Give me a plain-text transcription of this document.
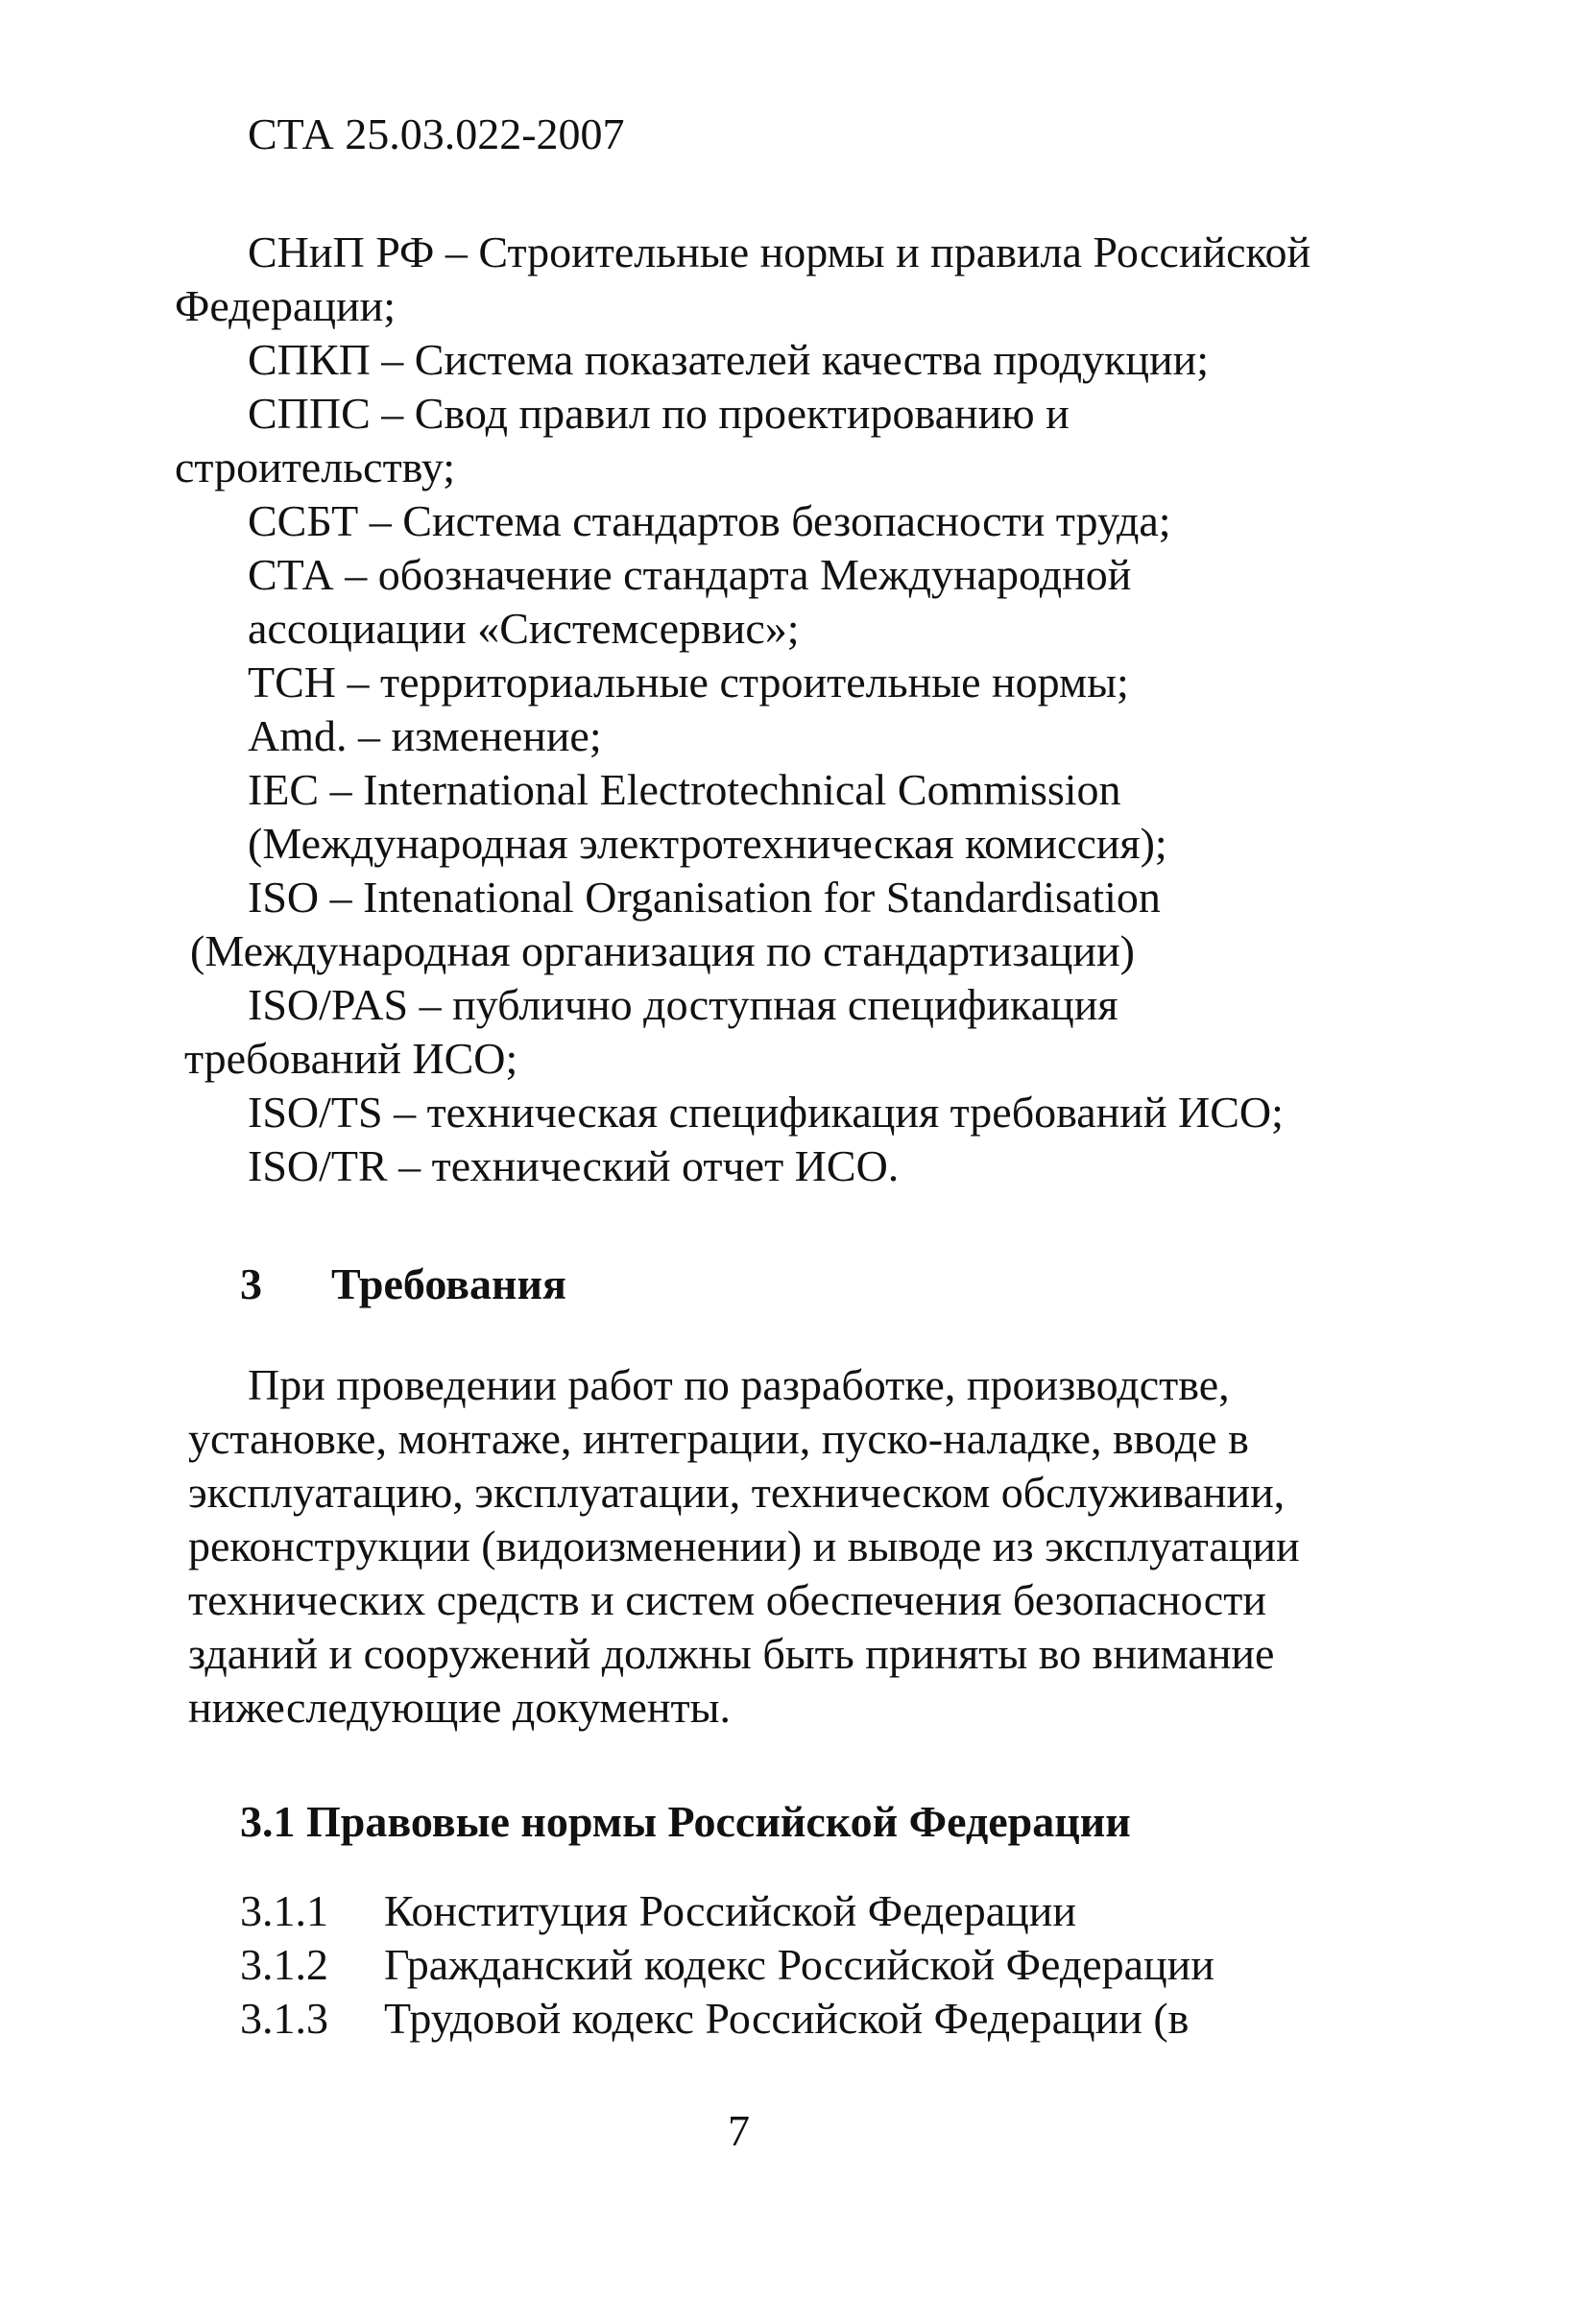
СТА 25.03.022-2007
СНиП РФ – Строительные нормы и правила Российской
Федерации;
СПКП – Система показателей качества продукции;
СППС – Свод правил по проектированию и
строительству;
ССБТ – Система стандартов безопасности труда;
СТА – обозначение стандарта Международной
ассоциации «Системсервис»;
ТСН – территориальные строительные нормы;
Amd. – изменение;
IEC – International Electrotechnical Commission
(Международная электротехническая комиссия);
ISO – Intenational Organisation for Standardisation
(Международная организация по стандартизации)
ISO/PAS – публично доступная спецификация
требований ИСО;
ISO/TS – техническая спецификация требований ИСО;
ISO/TR – технический отчет ИСО.
3 Требования
При проведении работ по разработке, производстве,
установке, монтаже, интеграции, пуско-наладке, вводе в
эксплуатацию, эксплуатации, техническом обслуживании,
реконструкции (видоизменении) и выводе из эксплуатации
технических средств и систем обеспечения безопасности
зданий и сооружений должны быть приняты во внимание
нижеследующие документы.
3.1 Правовые нормы Российской Федерации
3.1.1 Конституция Российской Федерации
3.1.2 Гражданский кодекс Российской Федерации
3.1.3 Трудовой кодекс Российской Федерации (в
7
